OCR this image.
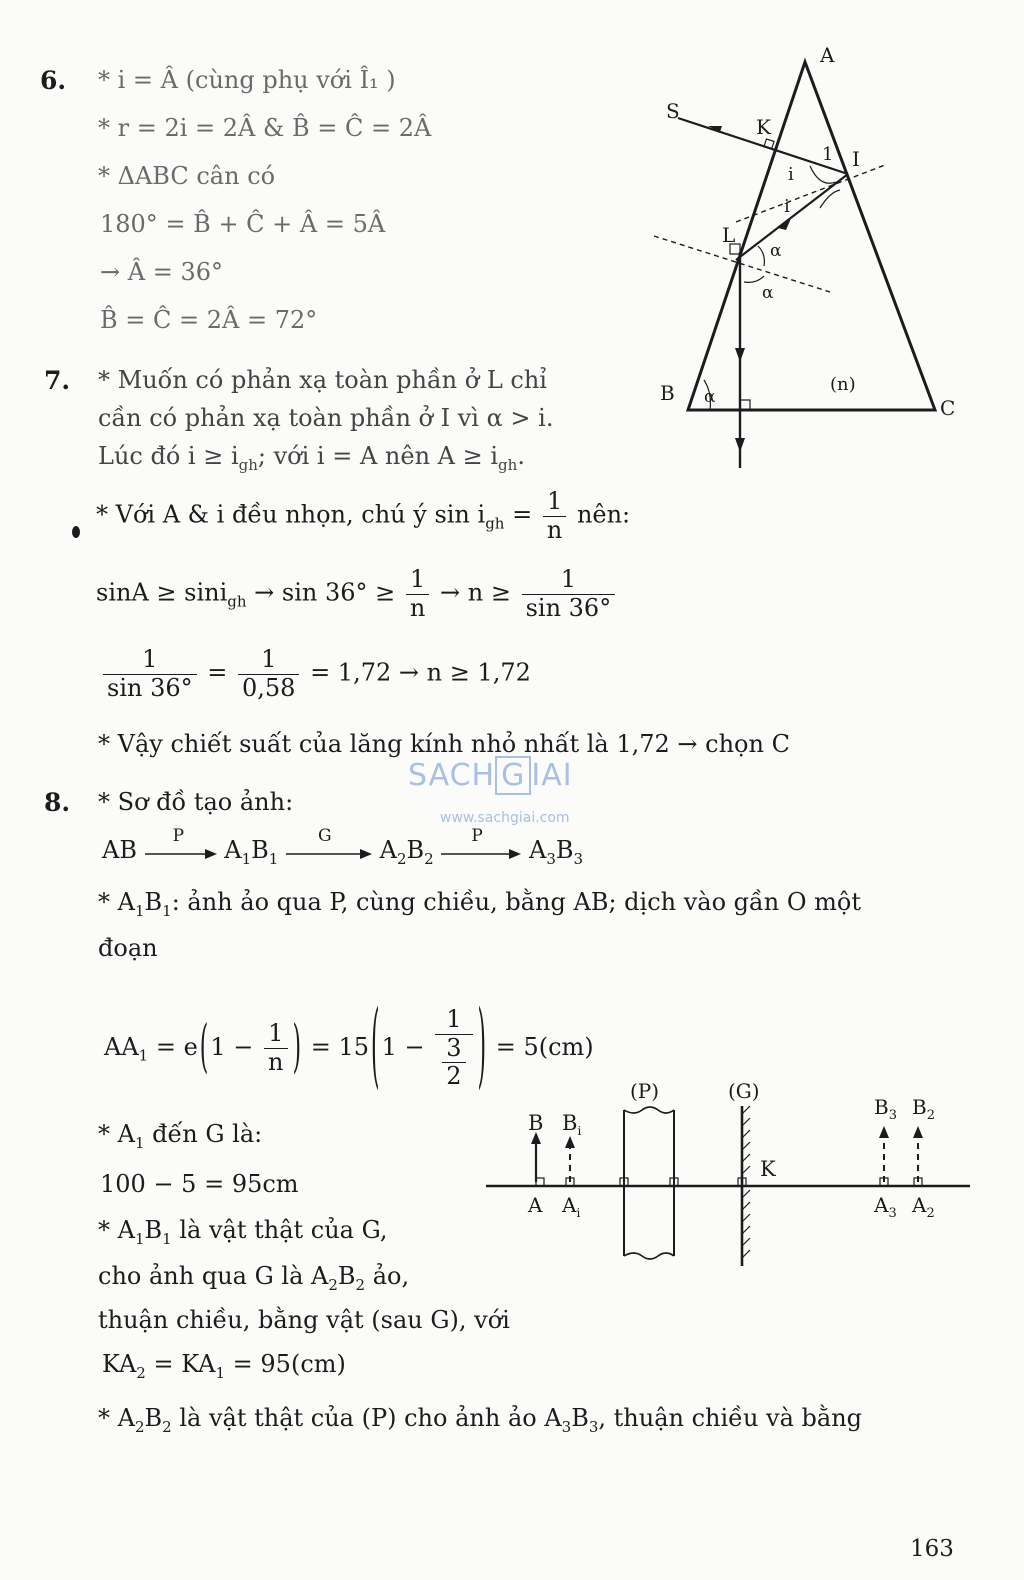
6. * i = Â (cùng phụ với Î₁ )
* r = 2i = 2Â & B̂ = Ĉ = 2Â
* ΔABC cân có
180° = B̂ + Ĉ + Â = 5Â
→ Â = 36°
B̂ = Ĉ = 2Â = 72°
A
B
C
S
K
I
L
1
i
i
α
α
α
(n)
7. * Muốn có phản xạ toàn phần ở L chỉ
cần có phản xạ toàn phần ở I vì α > i.
Lúc đó $i \ge i_{gh}$; với i = A nên $A \ge i_{gh}$.
* Với A & i đều nhọn, chú ý $\sin i_{gh} = \frac{1}{n}$ nên:
$\sin A \ge \sin i_{gh} \to \sin 36^\circ \ge \frac{1}{n} \to n \ge \frac{1}{\sin 36^\circ}$
$\frac{1}{\sin 36^\circ} = \frac{1}{0,58} = 1,72 \to n \ge 1,72$
* Vậy chiết suất của lăng kính nhỏ nhất là 1,72 → chọn C
SACH G IAI
www.sachgiai.com
8. * Sơ đồ tạo ảnh:
AB
P
$A_1B_1$
G
$A_2B_2$
P
$A_3B_3$
* $A_1B_1$: ảnh ảo qua P, cùng chiều, bằng AB; dịch vào gần O một
đoạn
$AA_1 = e(1 - \frac{1}{n}$ ) = $15(1 - \frac{1}{\frac{3}{2}}$ ) = 5(cm)
* $A_1$ đến G là:
100 − 5 = 95cm
* $A_1B_1$ là vật thật của G,
cho ảnh qua G là $A_2B_2$ ảo,
thuận chiều, bằng vật (sau G), với
$KA_2 = KA_1 = 95(cm)$
* $A_2B_2$ là vật thật của (P) cho ảnh ảo $A_3B_3$, thuận chiều và bằng
(P)	(G)
K
B $B_i$
A $A_i$
$B_3$ $B_2$
$A_3$ $A_2$
163
